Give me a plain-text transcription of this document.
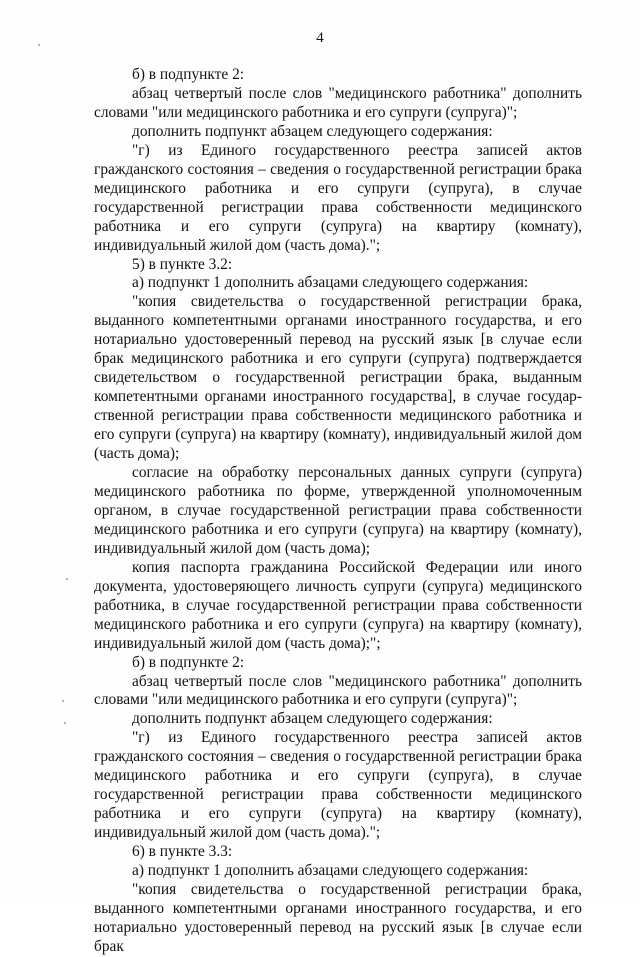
4

б) в подпункте 2:

абзац четвертый после слов "медицинского работника" дополнить словами "или медицинского работника и его супруги (супруга)";

дополнить подпункт абзацем следующего содержания:

"г) из Единого государственного реестра записей актов гражданского состояния – сведения о государственной регистрации брака медицинского работника и его супруги (супруга), в случае государственной регистрации права собственности медицинского работника и его супруги (супруга) на квартиру (комнату), индивидуальный жилой дом (часть дома).";

5) в пункте 3.2:

а) подпункт 1 дополнить абзацами следующего содержания:

"копия свидетельства о государственной регистрации брака, выданного компетентными органами иностранного государства, и его нотариально удостоверенный перевод на русский язык [в случае если брак медицинского работника и его супруги (супруга) подтверждается свидетельством о государственной регистрации брака, выданным компетентными органами иностранного государства], в случае государственной регистрации права собственности медицинского работника и его супруги (супруга) на квартиру (комнату), индивидуальный жилой дом (часть дома);

согласие на обработку персональных данных супруги (супруга) медицинского работника по форме, утвержденной уполномоченным органом, в случае государственной регистрации права собственности медицинского работника и его супруги (супруга) на квартиру (комнату), индивидуальный жилой дом (часть дома);

копия паспорта гражданина Российской Федерации или иного документа, удостоверяющего личность супруги (супруга) медицинского работника, в случае государственной регистрации права собственности медицинского работника и его супруги (супруга) на квартиру (комнату), индивидуальный жилой дом (часть дома);";

б) в подпункте 2:

абзац четвертый после слов "медицинского работника" дополнить словами "или медицинского работника и его супруги (супруга)";

дополнить подпункт абзацем следующего содержания:

"г) из Единого государственного реестра записей актов гражданского состояния – сведения о государственной регистрации брака медицинского работника и его супруги (супруга), в случае государственной регистрации права собственности медицинского работника и его супруги (супруга) на квартиру (комнату), индивидуальный жилой дом (часть дома).";

6) в пункте 3.3:

а) подпункт 1 дополнить абзацами следующего содержания:

"копия свидетельства о государственной регистрации брака, выданного компетентными органами иностранного государства, и его нотариально удостоверенный перевод на русский язык [в случае если брак
